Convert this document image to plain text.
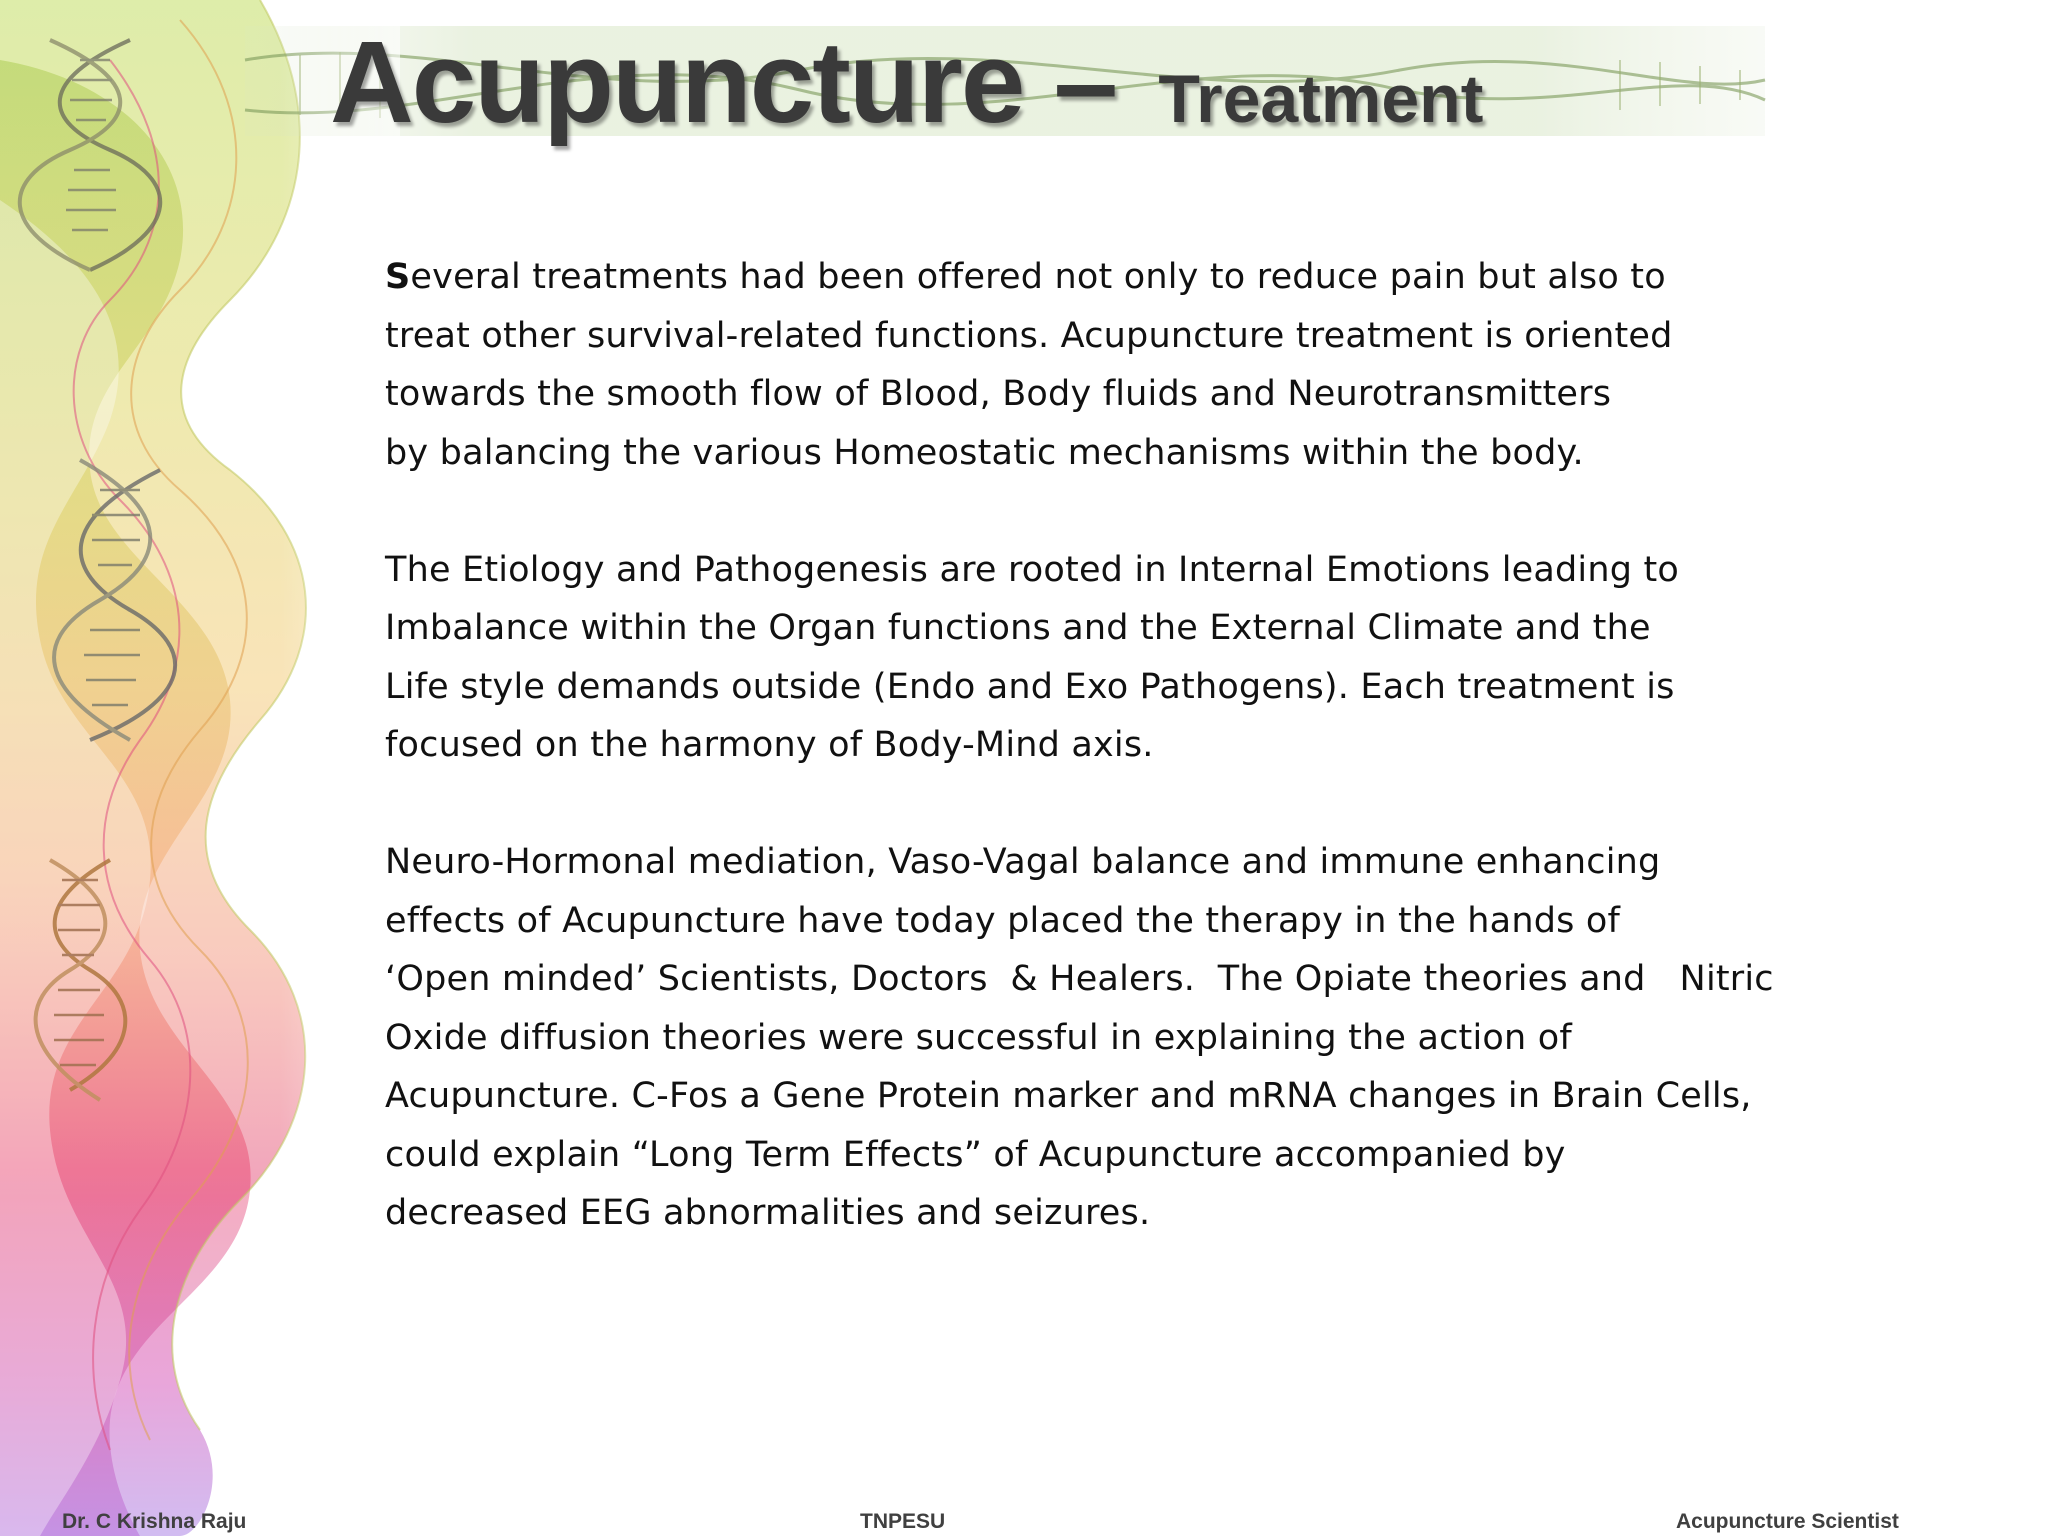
Acupuncture – Treatment
Several treatments had been offered not only to reduce pain but also to
treat other survival-related functions. Acupuncture treatment is oriented
towards the smooth flow of Blood, Body fluids and Neurotransmitters
by balancing the various Homeostatic mechanisms within the body.
The Etiology and Pathogenesis are rooted in Internal Emotions leading to
Imbalance within the Organ functions and the External Climate and the
Life style demands outside (Endo and Exo Pathogens). Each treatment is
focused on the harmony of Body-Mind axis.
Neuro-Hormonal mediation, Vaso-Vagal balance and immune enhancing
effects of Acupuncture have today placed the therapy in the hands of
‘Open minded’ Scientists, Doctors  & Healers.  The Opiate theories and   Nitric
Oxide diffusion theories were successful in explaining the action of
Acupuncture. C-Fos a Gene Protein marker and mRNA changes in Brain Cells,
could explain “Long Term Effects” of Acupuncture accompanied by
decreased EEG abnormalities and seizures.
Dr. C Krishna Raju	TNPESU	Acupuncture Scientist
